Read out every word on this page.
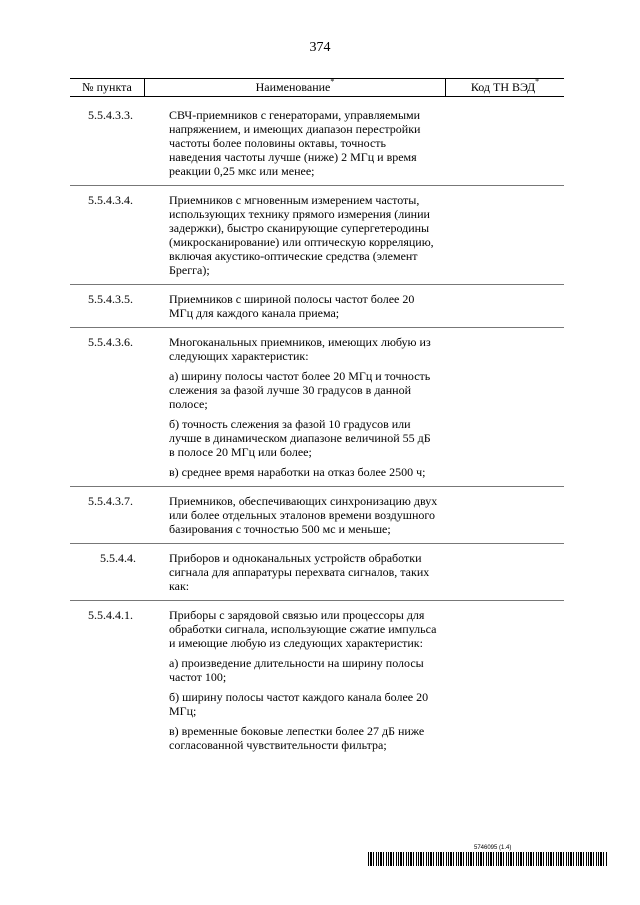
374
№ пункта	Наименование*	Код ТН ВЭД*
5.5.4.3.3.	СВЧ-приемников с генераторами, управляемыми напряжением, и имеющих диапазон перестройки частоты более половины октавы, точность наведения частоты лучше (ниже) 2 МГц и время реакции 0,25 мкс или менее;

5.5.4.3.4.	Приемников с мгновенным измерением частоты, использующих технику прямого измерения (линии задержки), быстро сканирующие супергетеродины (микросканирование) или оптическую корреляцию, включая акустико-оптические средства (элемент Брегга);

5.5.4.3.5.	Приемников с шириной полосы частот более 20 МГц для каждого канала приема;

5.5.4.3.6.	Многоканальных приемников, имеющих любую из следующих характеристик:

а) ширину полосы частот более 20 МГц и точность слежения за фазой лучше 30 градусов в данной полосе;

б) точность слежения за фазой 10 градусов или лучше в динамическом диапазоне величиной 55 дБ в полосе 20 МГц или более;

в) среднее время наработки на отказ более 2500 ч;

5.5.4.3.7.	Приемников, обеспечивающих синхронизацию двух или более отдельных эталонов времени воздушного базирования с точностью 500 мс и меньше;

5.5.4.4.	Приборов и одноканальных устройств обработки сигнала для аппаратуры перехвата сигналов, таких как:

5.5.4.4.1.	Приборы с зарядовой связью или процессоры для обработки сигнала, использующие сжатие импульса и имеющие любую из следующих характеристик:

а) произведение длительности на ширину полосы частот 100;

б) ширину полосы частот каждого канала более 20 МГц;

в) временные боковые лепестки более 27 дБ ниже согласованной чувствительности фильтра;

5746095 (1.4)
